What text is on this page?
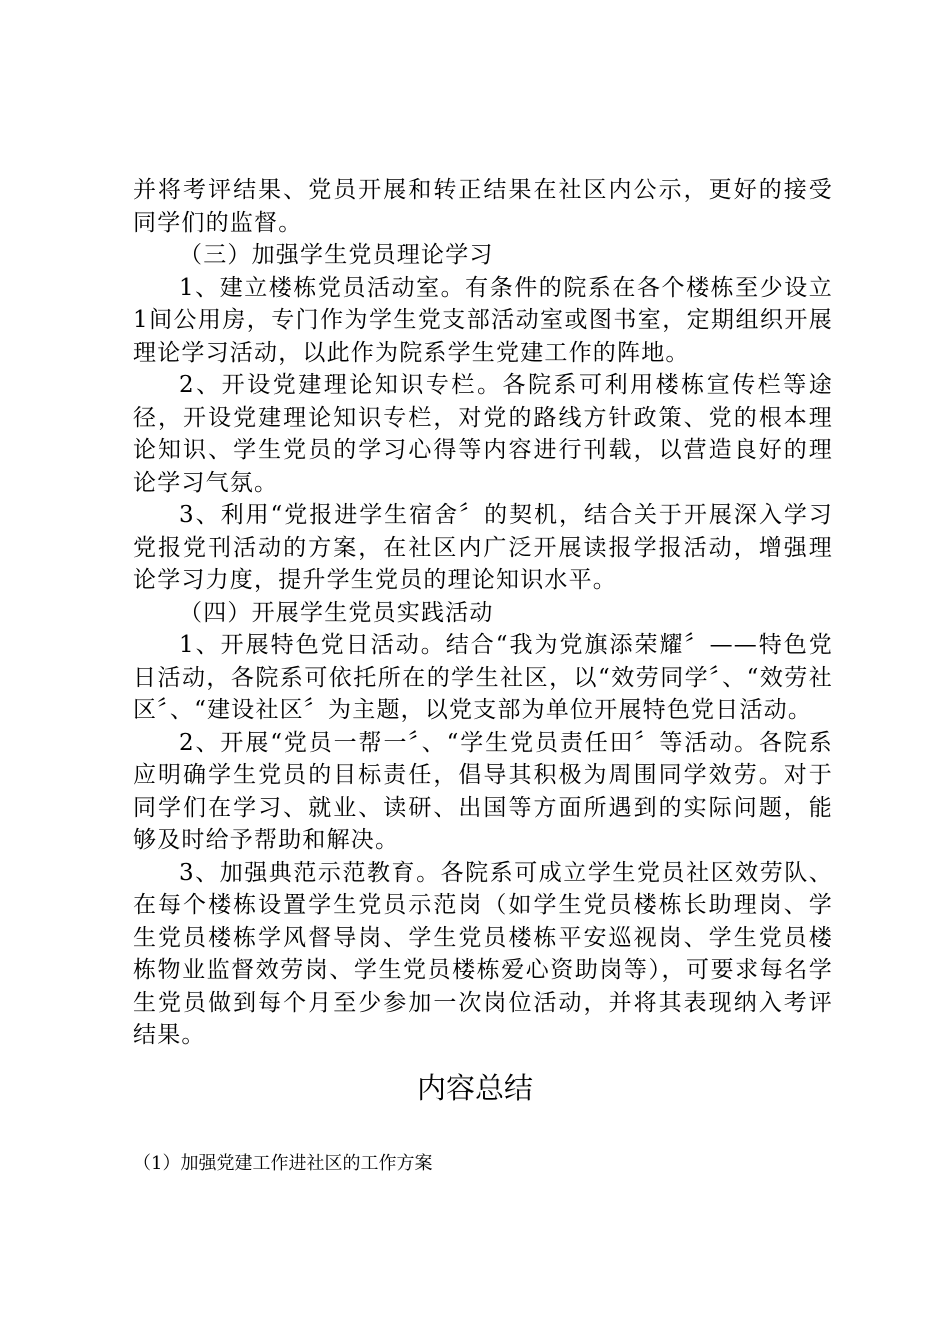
并将考评结果、党员开展和转正结果在社区内公示，更好的接受同学们的监督。

（三）加强学生党员理论学习

1、建立楼栋党员活动室。有条件的院系在各个楼栋至少设立1间公用房，专门作为学生党支部活动室或图书室，定期组织开展理论学习活动，以此作为院系学生党建工作的阵地。

2、开设党建理论知识专栏。各院系可利用楼栋宣传栏等途径，开设党建理论知识专栏，对党的路线方针政策、党的根本理论知识、学生党员的学习心得等内容进行刊载，以营造良好的理论学习气氛。

3、利用“党报进学生宿舍〞的契机，结合关于开展深入学习党报党刊活动的方案，在社区内广泛开展读报学报活动，增强理论学习力度，提升学生党员的理论知识水平。

（四）开展学生党员实践活动

1、开展特色党日活动。结合“我为党旗添荣耀〞——特色党日活动，各院系可依托所在的学生社区，以“效劳同学〞、“效劳社区〞、“建设社区〞为主题，以党支部为单位开展特色党日活动。

2、开展“党员一帮一〞、“学生党员责任田〞等活动。各院系应明确学生党员的目标责任，倡导其积极为周围同学效劳。对于同学们在学习、就业、读研、出国等方面所遇到的实际问题，能够及时给予帮助和解决。

3、加强典范示范教育。各院系可成立学生党员社区效劳队、在每个楼栋设置学生党员示范岗（如学生党员楼栋长助理岗、学生党员楼栋学风督导岗、学生党员楼栋平安巡视岗、学生党员楼栋物业监督效劳岗、学生党员楼栋爱心资助岗等），可要求每名学生党员做到每个月至少参加一次岗位活动，并将其表现纳入考评结果。

内容总结
（1）加强党建工作进社区的工作方案
